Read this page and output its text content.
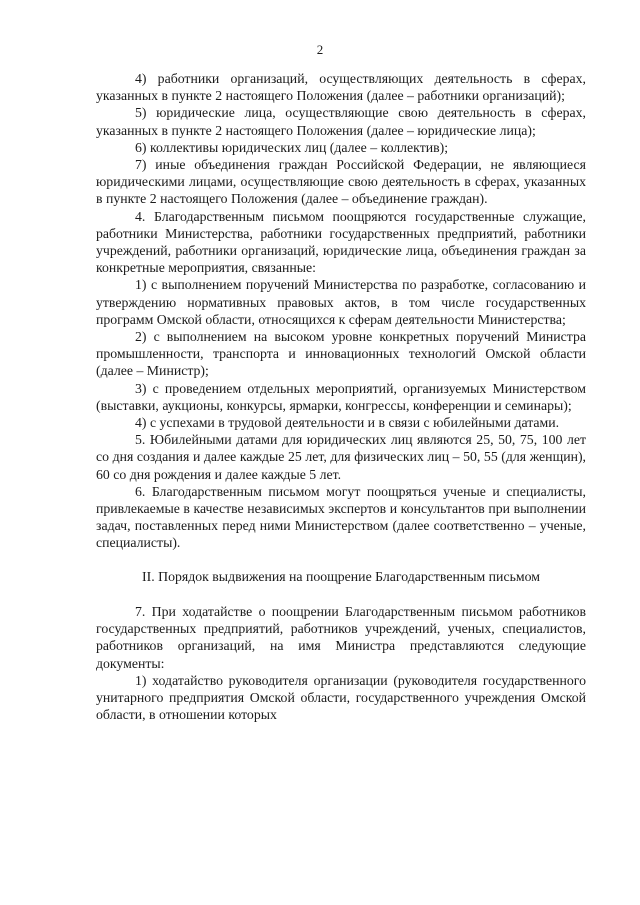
2

4) работники организаций, осуществляющих деятельность в сферах, указанных в пункте 2 настоящего Положения (далее – работники организаций);

5) юридические лица, осуществляющие свою деятельность в сферах, указанных в пункте 2 настоящего Положения (далее – юридические лица);

6) коллективы юридических лиц (далее – коллектив);

7) иные объединения граждан Российской Федерации, не являющиеся юридическими лицами, осуществляющие свою деятельность в сферах, указанных в пункте 2 настоящего Положения (далее – объединение граждан).

4. Благодарственным письмом поощряются государственные служащие, работники Министерства, работники государственных предприятий, работники учреждений, работники организаций, юридические лица, объединения граждан за конкретные мероприятия, связанные:

1) с выполнением поручений Министерства по разработке, согласованию и утверждению нормативных правовых актов, в том числе государственных программ Омской области, относящихся к сферам деятельности Министерства;

2) с выполнением на высоком уровне конкретных поручений Министра промышленности, транспорта и инновационных технологий Омской области (далее – Министр);

3) с проведением отдельных мероприятий, организуемых Министерством (выставки, аукционы, конкурсы, ярмарки, конгрессы, конференции и семинары);

4) с успехами в трудовой деятельности и в связи с юбилейными датами.

5. Юбилейными датами для юридических лиц являются 25, 50, 75, 100 лет со дня создания и далее каждые 25 лет, для физических лиц – 50, 55 (для женщин), 60 со дня рождения и далее каждые 5 лет.

6. Благодарственным письмом могут поощряться ученые и специалисты, привлекаемые в качестве независимых экспертов и консультантов при выполнении задач, поставленных перед ними Министерством (далее соответственно – ученые, специалисты).

II. Порядок выдвижения на поощрение Благодарственным письмом

7. При ходатайстве о поощрении Благодарственным письмом работников государственных предприятий, работников учреждений, ученых, специалистов, работников организаций, на имя Министра представляются следующие документы:

1) ходатайство руководителя организации (руководителя государственного унитарного предприятия Омской области, государственного учреждения Омской области, в отношении которых
